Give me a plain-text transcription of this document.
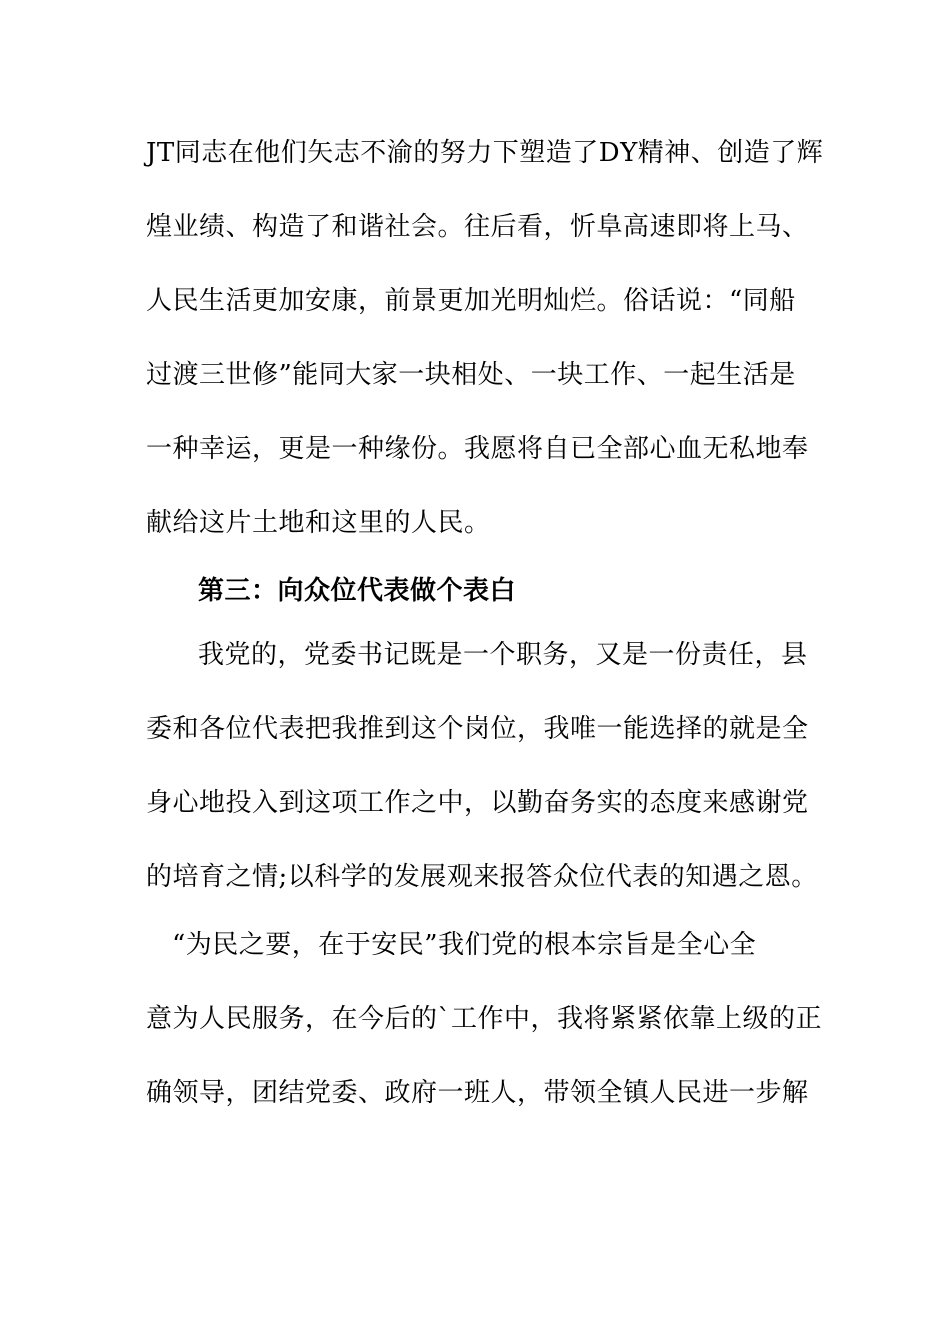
JT同志在他们矢志不渝的努力下塑造了DY精神、创造了辉
煌业绩、构造了和谐社会。往后看，忻阜高速即将上马、
人民生活更加安康，前景更加光明灿烂。俗话说：“同船
过渡三世修”能同大家一块相处、一块工作、一起生活是
一种幸运，更是一种缘份。我愿将自已全部心血无私地奉
献给这片土地和这里的人民。
第三：向众位代表做个表白
我党的，党委书记既是一个职务，又是一份责任，县
委和各位代表把我推到这个岗位，我唯一能选择的就是全
身心地投入到这项工作之中，以勤奋务实的态度来感谢党
的培育之情;以科学的发展观来报答众位代表的知遇之恩。
“为民之要，在于安民”我们党的根本宗旨是全心全
意为人民服务，在今后的`工作中，我将紧紧依靠上级的正
确领导，团结党委、政府一班人，带领全镇人民进一步解
